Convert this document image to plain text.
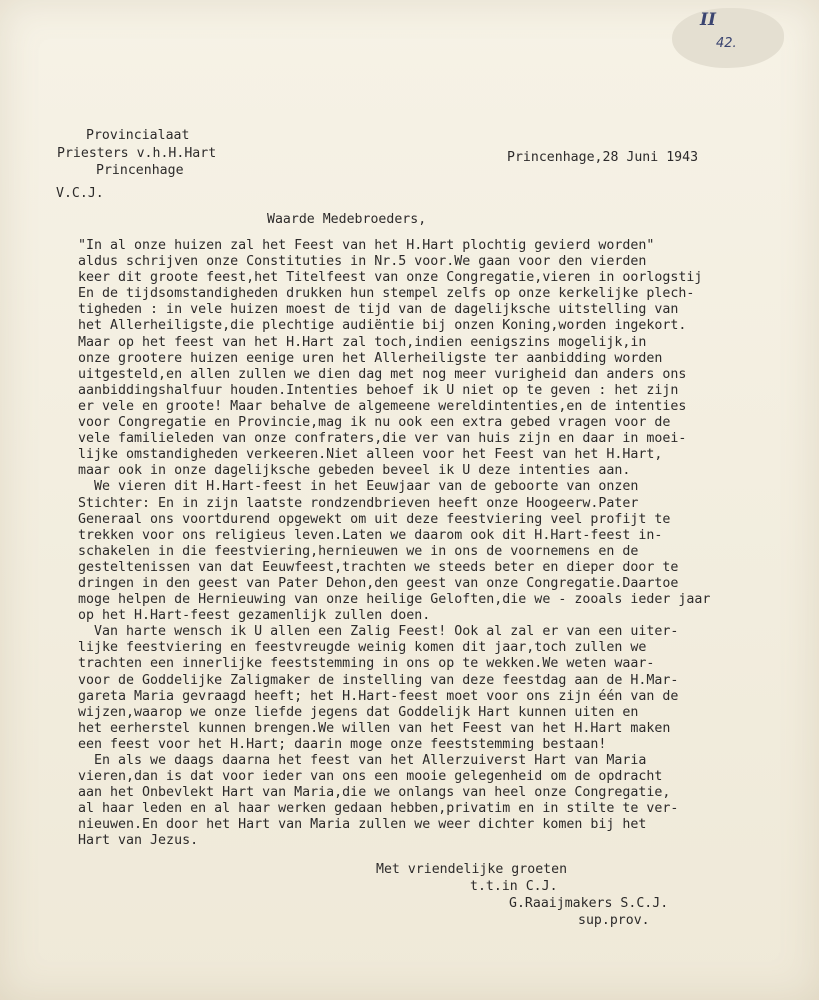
II
42.
Provincialaat
Priesters v.h.H.Hart
Princenhage
Princenhage,28 Juni 1943
V.C.J.
Waarde Medebroeders,
"In al onze huizen zal het Feest van het H.Hart plochtig gevierd worden"
aldus schrijven onze Constituties in Nr.5 voor.We gaan voor den vierden
keer dit groote feest,het Titelfeest van onze Congregatie,vieren in oorlogstij
En de tijdsomstandigheden drukken hun stempel zelfs op onze kerkelijke plech-
tigheden : in vele huizen moest de tijd van de dagelijksche uitstelling van
het Allerheiligste,die plechtige audiëntie bij onzen Koning,worden ingekort.
Maar op het feest van het H.Hart zal toch,indien eenigszins mogelijk,in
onze grootere huizen eenige uren het Allerheiligste ter aanbidding worden
uitgesteld,en allen zullen we dien dag met nog meer vurigheid dan anders ons
aanbiddingshalfuur houden.Intenties behoef ik U niet op te geven : het zijn
er vele en groote! Maar behalve de algemeene wereldintenties,en de intenties
voor Congregatie en Provincie,mag ik nu ook een extra gebed vragen voor de
vele familieleden van onze confraters,die ver van huis zijn en daar in moei-
lijke omstandigheden verkeeren.Niet alleen voor het Feest van het H.Hart,
maar ook in onze dagelijksche gebeden beveel ik U deze intenties aan.
We vieren dit H.Hart-feest in het Eeuwjaar van de geboorte van onzen
Stichter: En in zijn laatste rondzendbrieven heeft onze Hoogeerw.Pater
Generaal ons voortdurend opgewekt om uit deze feestviering veel profijt te
trekken voor ons religieus leven.Laten we daarom ook dit H.Hart-feest in-
schakelen in die feestviering,hernieuwen we in ons de voornemens en de
gesteltenissen van dat Eeuwfeest,trachten we steeds beter en dieper door te
dringen in den geest van Pater Dehon,den geest van onze Congregatie.Daartoe
moge helpen de Hernieuwing van onze heilige Geloften,die we - zooals ieder jaar
op het H.Hart-feest gezamenlijk zullen doen.
Van harte wensch ik U allen een Zalig Feest! Ook al zal er van een uiter-
lijke feestviering en feestvreugde weinig komen dit jaar,toch zullen we
trachten een innerlijke feeststemming in ons op te wekken.We weten waar-
voor de Goddelijke Zaligmaker de instelling van deze feestdag aan de H.Mar-
gareta Maria gevraagd heeft; het H.Hart-feest moet voor ons zijn één van de
wijzen,waarop we onze liefde jegens dat Goddelijk Hart kunnen uiten en
het eerherstel kunnen brengen.We willen van het Feest van het H.Hart maken
een feest voor het H.Hart; daarin moge onze feeststemming bestaan!
En als we daags daarna het feest van het Allerzuiverst Hart van Maria
vieren,dan is dat voor ieder van ons een mooie gelegenheid om de opdracht
aan het Onbevlekt Hart van Maria,die we onlangs van heel onze Congregatie,
al haar leden en al haar werken gedaan hebben,privatim en in stilte te ver-
nieuwen.En door het Hart van Maria zullen we weer dichter komen bij het
Hart van Jezus.
Met vriendelijke groeten
t.t.in C.J.
G.Raaijmakers S.C.J.
sup.prov.
